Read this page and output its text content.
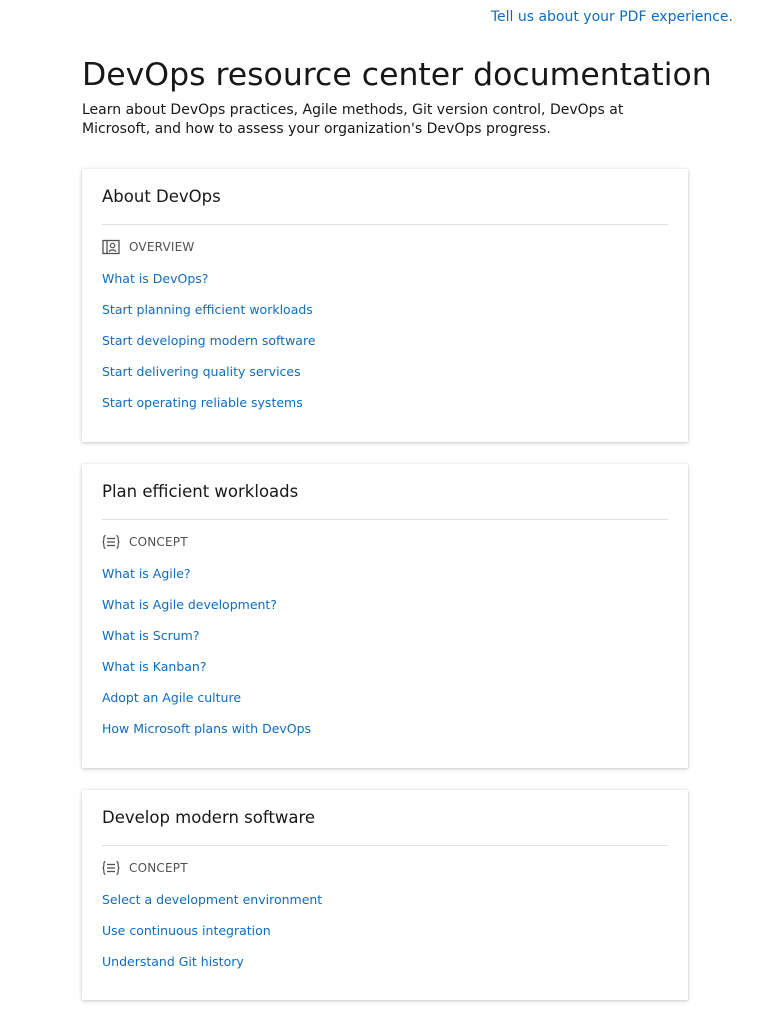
Tell us about your PDF experience.
DevOps resource center documentation

Learn about DevOps practices, Agile methods, Git version control, DevOps at Microsoft, and how to assess your organization's DevOps progress.

About DevOps
OVERVIEW
What is DevOps?
Start planning efficient workloads
Start developing modern software
Start delivering quality services
Start operating reliable systems
Plan efficient workloads
CONCEPT
What is Agile?
What is Agile development?
What is Scrum?
What is Kanban?
Adopt an Agile culture
How Microsoft plans with DevOps
Develop modern software
CONCEPT
Select a development environment
Use continuous integration
Understand Git history
